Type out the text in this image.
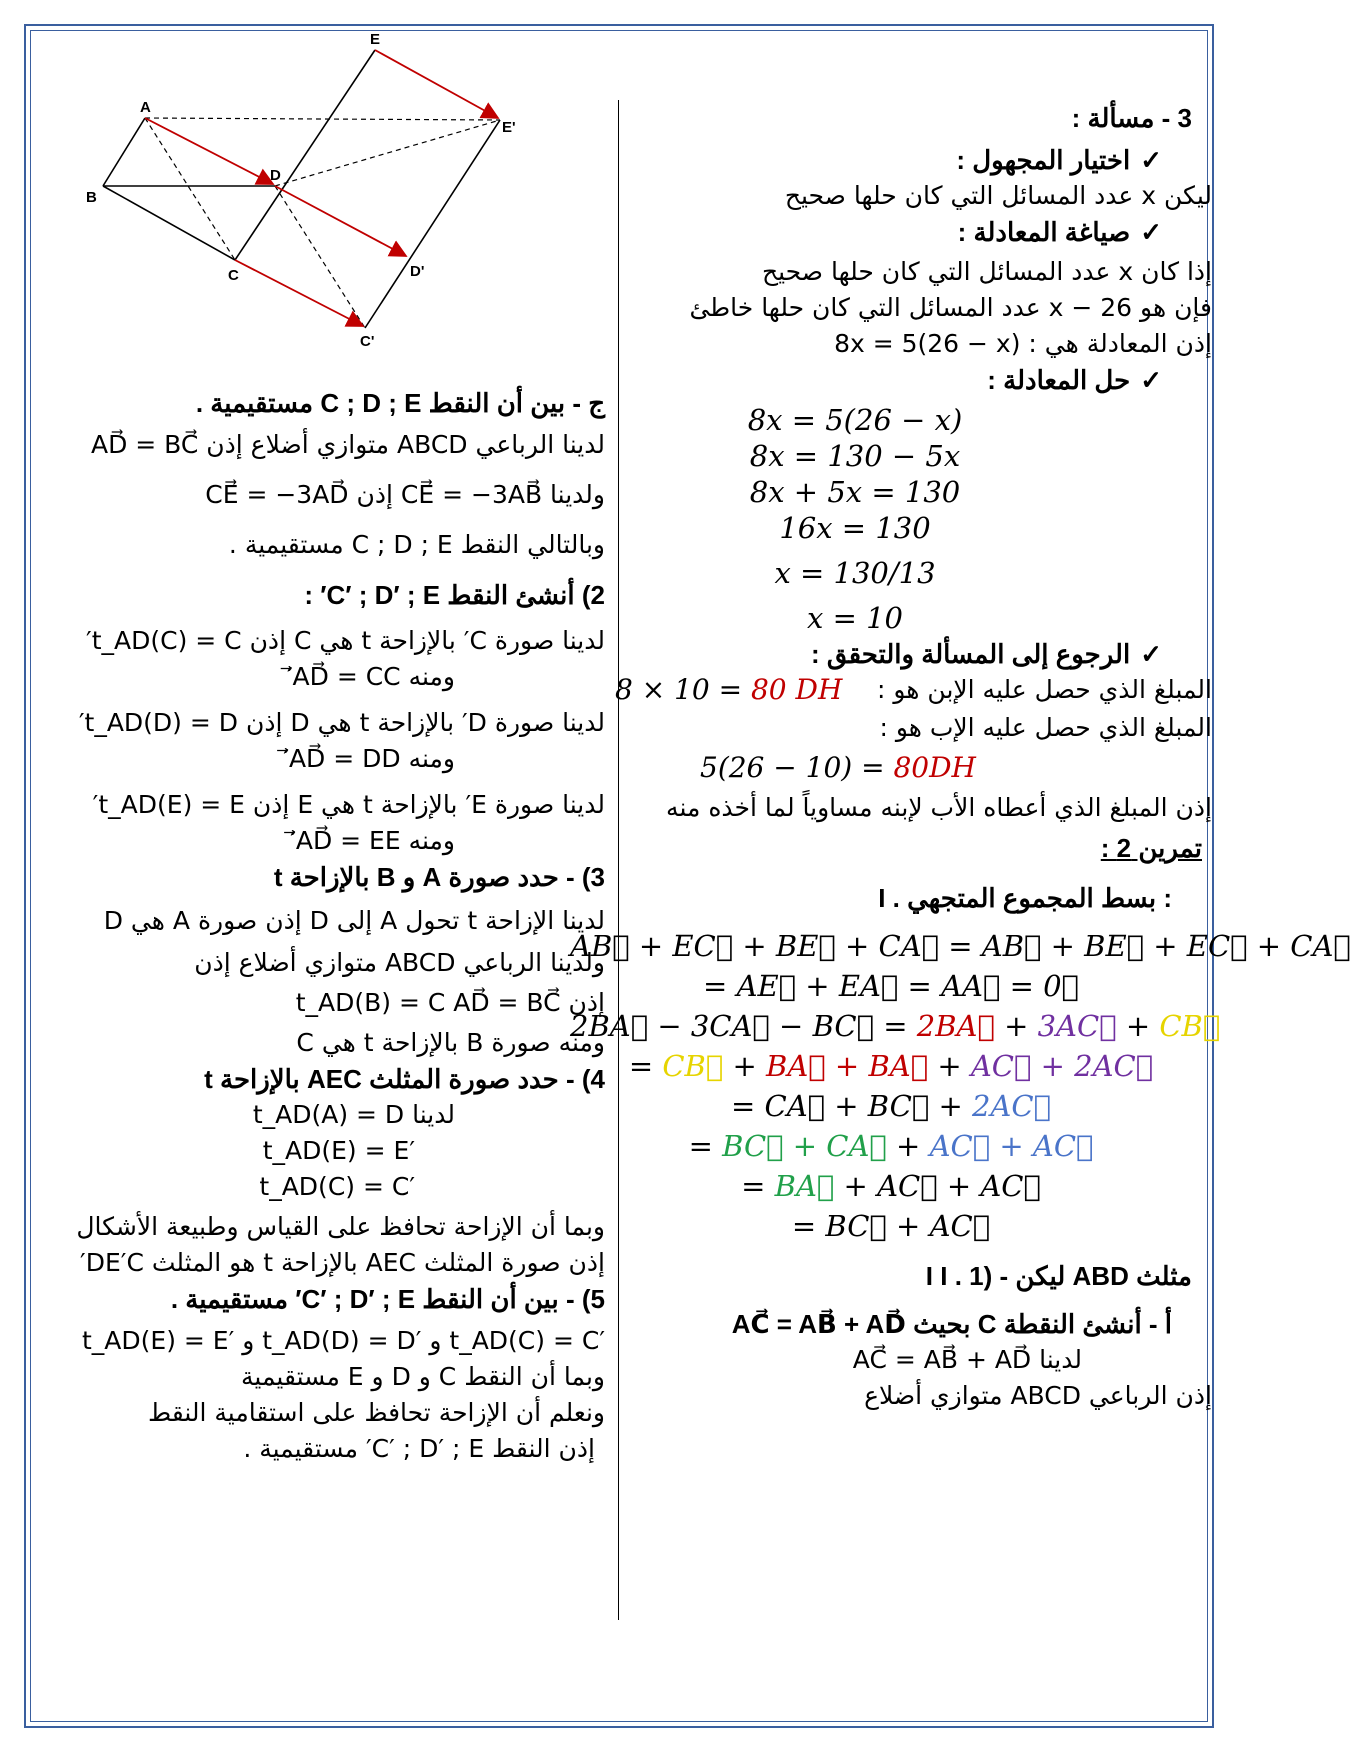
E
A
E'
D
B
C	D'
C'
ج - بين أن النقط C ; D ; E مستقيمية .
لدينا الرباعي ABCD متوازي أضلاع إذن AD⃗ = BC⃗
ولدينا CE⃗ = −3AB⃗ إذن CE⃗ = −3AD⃗
وبالتالي النقط C ; D ; E مستقيمية .
2) أنشئ النقط C′ ; D′ ; E′ :
لدينا صورة C′ بالإزاحة t هي C إذن t_AD(C) = C′
ومنه AD⃗ = CC′⃗
لدينا صورة D′ بالإزاحة t هي D إذن t_AD(D) = D′
ومنه AD⃗ = DD′⃗
لدينا صورة E′ بالإزاحة t هي E إذن t_AD(E) = E′
ومنه AD⃗ = EE′⃗
3) - حدد صورة A و B بالإزاحة t
لدينا الإزاحة t تحول A إلى D إذن صورة A هي D
ولدينا الرباعي ABCD متوازي أضلاع إذن
إذن t_AD(B) = C AD⃗ = BC⃗
ومنه صورة B بالإزاحة t هي C
4) - حدد صورة المثلث AEC بالإزاحة t
لدينا t_AD(A) = D
t_AD(E) = E′
t_AD(C) = C′
وبما أن الإزاحة تحافظ على القياس وطبيعة الأشكال
إذن صورة المثلث AEC بالإزاحة t هو المثلث DE′C′
5) - بين أن النقط C′ ; D′ ; E′ مستقيمية .
t_AD(E) = E′ و t_AD(D) = D′ و t_AD(C) = C′
وبما أن النقط C و D و E مستقيمية
ونعلم أن الإزاحة تحافظ على استقامية النقط
إذن النقط C′ ; D′ ; E′ مستقيمية .
3 - مسألة :
✓ اختيار المجهول :
ليكن x عدد المسائل التي كان حلها صحيح
✓ صياغة المعادلة :
إذا كان x عدد المسائل التي كان حلها صحيح
فإن هو x − 26 عدد المسائل التي كان حلها خاطئ
إذن المعادلة هي : 8x = 5(26 − x)
✓ حل المعادلة :
8x = 5(26 − x)
8x = 130 − 5x
8x + 5x = 130
16x = 130
x = 130/13
x = 10
✓ الرجوع إلى المسألة والتحقق :
المبلغ الذي حصل عليه الإبن هو :
8 × 10 = 80 DH
المبلغ الذي حصل عليه الإب هو :
5(26 − 10) = 80DH
إذن المبلغ الذي أعطاه الأب لإبنه مساوياً لما أخذه منه
تمرين 2 :
I . بسط المجموع المتجهي :
AB⃗ + EC⃗ + BE⃗ + CA⃗ = AB⃗ + BE⃗ + EC⃗ + CA⃗
= AE⃗ + EA⃗ = AA⃗ = 0⃗
2BA⃗ − 3CA⃗ − BC⃗ = 2BA⃗ + 3AC⃗ + CB⃗
= CB⃗ + BA⃗ + BA⃗ + AC⃗ + 2AC⃗
= CA⃗ + BC⃗ + 2AC⃗
= BC⃗ + CA⃗ + AC⃗ + AC⃗
= BA⃗ + AC⃗ + AC⃗
= BC⃗ + AC⃗
I I . 1) - ليكن ABD مثلث
أ - أنشئ النقطة C بحيث AC⃗ = AB⃗ + AD⃗
لدينا AC⃗ = AB⃗ + AD⃗
إذن الرباعي ABCD متوازي أضلاع
